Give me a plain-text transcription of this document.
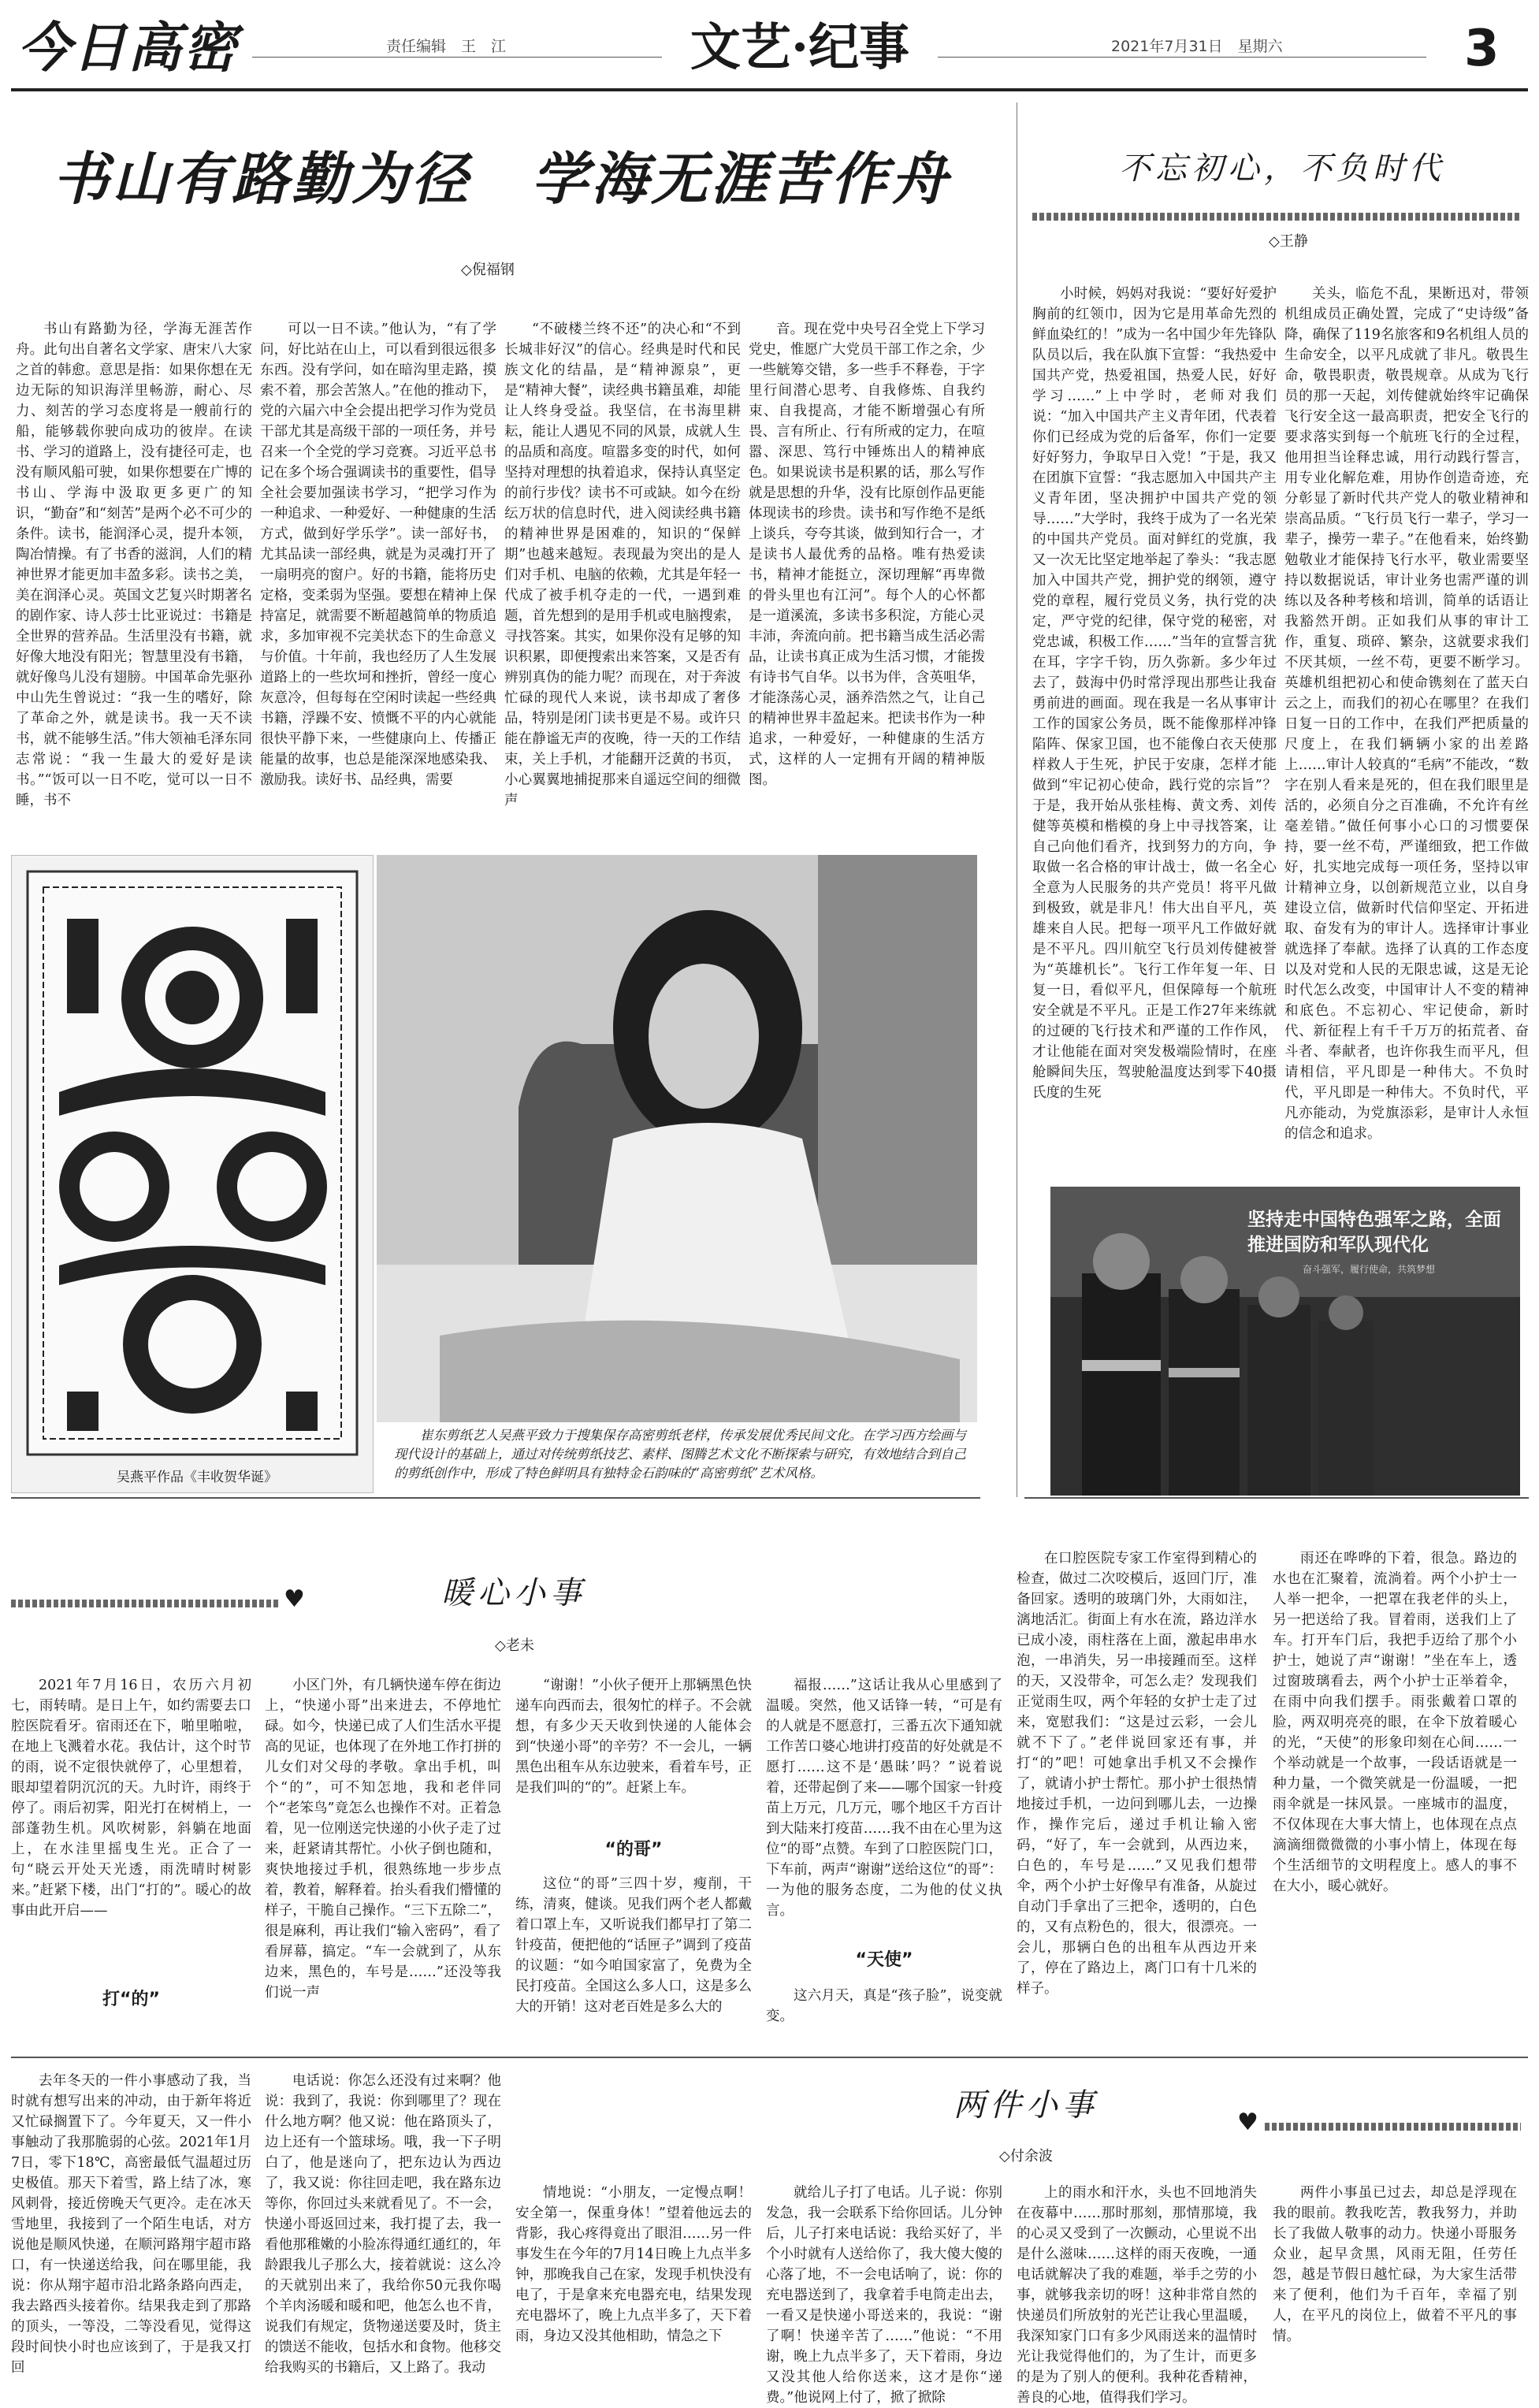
今日高密	责任编辑　王　江	文艺·纪事	2021年7月31日　星期六	3
书山有路勤为径　学海无涯苦作舟
◇倪福钢

书山有路勤为径，学海无涯苦作舟。此句出自著名文学家、唐宋八大家之首的韩愈。意思是指：如果你想在无边无际的知识海洋里畅游，耐心、尽力、刻苦的学习态度将是一艘前行的船，能够载你驶向成功的彼岸。在读书、学习的道路上，没有捷径可走，也没有顺风船可驶，如果你想要在广博的书山、学海中汲取更多更广的知识，“勤奋”和“刻苦”是两个必不可少的条件。读书，能润泽心灵，提升本领，陶冶情操。有了书香的滋润，人们的精神世界才能更加丰盈多彩。读书之美，美在润泽心灵。英国文艺复兴时期著名的剧作家、诗人莎士比亚说过：书籍是全世界的营养品。生活里没有书籍，就好像大地没有阳光；智慧里没有书籍，就好像鸟儿没有翅膀。中国革命先驱孙中山先生曾说过：“我一生的嗜好，除了革命之外，就是读书。我一天不读书，就不能够生活。”伟大领袖毛泽东同志常说：“我一生最大的爱好是读书。”“饭可以一日不吃，觉可以一日不睡，书不

可以一日不读。”他认为，“有了学问，好比站在山上，可以看到很远很多东西。没有学问，如在暗沟里走路，摸索不着，那会苦煞人。”在他的推动下，党的六届六中全会提出把学习作为党员干部尤其是高级干部的一项任务，并号召来一个全党的学习竞赛。习近平总书记在多个场合强调读书的重要性，倡导全社会要加强读书学习，“把学习作为一种追求、一种爱好、一种健康的生活方式，做到好学乐学”。读一部好书，尤其品读一部经典，就是为灵魂打开了一扇明亮的窗户。好的书籍，能将历史定格，变柔弱为坚强。要想在精神上保持富足，就需要不断超越简单的物质追求，多加审视不完美状态下的生命意义与价值。十年前，我也经历了人生发展道路上的一些坎坷和挫折，曾经一度心灰意冷，但每每在空闲时读起一些经典书籍，浮躁不安、愤慨不平的内心就能很快平静下来，一些健康向上、传播正能量的故事，也总是能深深地感染我、激励我。读好书、品经典，需要

“不破楼兰终不还”的决心和“不到长城非好汉”的信心。经典是时代和民族文化的结晶，是“精神源泉”，更是“精神大餐”，读经典书籍虽难，却能让人终身受益。我坚信，在书海里耕耘，能让人遇见不同的风景，成就人生的品质和高度。喧嚣多变的时代，如何坚持对理想的执着追求，保持认真坚定的前行步伐？读书不可或缺。如今在纷纭万状的信息时代，进入阅读经典书籍的精神世界是困难的，知识的“保鲜期”也越来越短。表现最为突出的是人们对手机、电脑的依赖，尤其是年轻一代成了被手机夺走的一代，一遇到难题，首先想到的是用手机或电脑搜索，寻找答案。其实，如果你没有足够的知识积累，即便搜索出来答案，又是否有辨别真伪的能力呢？而现在，对于奔波忙碌的现代人来说，读书却成了奢侈品，特别是闭门读书更是不易。或许只能在静谧无声的夜晚，待一天的工作结束，关上手机，才能翻开泛黄的书页，小心翼翼地捕捉那来自遥远空间的细微声

音。现在党中央号召全党上下学习党史，惟愿广大党员干部工作之余，少一些觥筹交错，多一些手不释卷，于字里行间潜心思考、自我修炼、自我约束、自我提高，才能不断增强心有所畏、言有所止、行有所戒的定力，在喧嚣、深思、笃行中锤炼出人的精神底色。如果说读书是积累的话，那么写作就是思想的升华，没有比原创作品更能体现读书的珍贵。读书和写作绝不是纸上谈兵，夸夸其谈，做到知行合一，才是读书人最优秀的品格。唯有热爱读书，精神才能挺立，深切理解“再卑微的骨头里也有江河”。每个人的心怀都是一道溪流，多读书多积淀，方能心灵丰沛，奔流向前。把书籍当成生活必需品，让读书真正成为生活习惯，才能拨有诗书气自华。以书为伴，含英咀华，才能涤荡心灵，涵养浩然之气，让自己的精神世界丰盈起来。把读书作为一种追求，一种爱好，一种健康的生活方式，这样的人一定拥有开阔的精神版图。

吴燕平作品《丰收贺华诞》
崔东剪纸艺人吴燕平致力于搜集保存高密剪纸老样，传承发展优秀民间文化。在学习西方绘画与现代设计的基础上，通过对传统剪纸技艺、素样、图腾艺术文化不断探索与研究，有效地结合到自己的剪纸创作中，形成了特色鲜明具有独特金石韵味的“高密剪纸”艺术风格。
不忘初心，不负时代
◇王静

小时候，妈妈对我说：“要好好爱护胸前的红领巾，因为它是用革命先烈的鲜血染红的！”成为一名中国少年先锋队队员以后，我在队旗下宣誓：“我热爱中国共产党，热爱祖国，热爱人民，好好学习……”上中学时，老师对我们说：“加入中国共产主义青年团，代表着你们已经成为党的后备军，你们一定要好好努力，争取早日入党！”于是，我又在团旗下宣誓：“我志愿加入中国共产主义青年团，坚决拥护中国共产党的领导……”大学时，我终于成为了一名光荣的中国共产党员。面对鲜红的党旗，我又一次无比坚定地举起了拳头：“我志愿加入中国共产党，拥护党的纲领，遵守党的章程，履行党员义务，执行党的决定，严守党的纪律，保守党的秘密，对党忠诚，积极工作……”当年的宣誓言犹在耳，字字千钧，历久弥新。多少年过去了，鼓海中仍时常浮现出那些让我奋勇前进的画面。现在我是一名从事审计工作的国家公务员，既不能像那样冲锋陷阵、保家卫国，也不能像白衣天使那样救人于生死，护民于安康，怎样才能做到“牢记初心使命，践行党的宗旨”？于是，我开始从张桂梅、黄文秀、刘传健等英模和楷模的身上中寻找答案，让自己向他们看齐，找到努力的方向，争取做一名合格的审计战士，做一名全心全意为人民服务的共产党员！将平凡做到极致，就是非凡！伟大出自平凡，英雄来自人民。把每一项平凡工作做好就是不平凡。四川航空飞行员刘传健被誉为“英雄机长”。飞行工作年复一年、日复一日，看似平凡，但保障每一个航班安全就是不平凡。正是工作27年来练就的过硬的飞行技术和严谨的工作作风，才让他能在面对突发极端险情时，在座舱瞬间失压，驾驶舱温度达到零下40摄氏度的生死

关头，临危不乱，果断迅对，带领机组成员正确处置，完成了“史诗级”备降，确保了119名旅客和9名机组人员的生命安全，以平凡成就了非凡。敬畏生命，敬畏职责，敬畏规章。从成为飞行员的那一天起，刘传健就始终牢记确保飞行安全这一最高职责，把安全飞行的要求落实到每一个航班飞行的全过程，他用担当诠释忠诚，用行动践行誓言，用专业化解危难，用协作创造奇迹，充分彰显了新时代共产党人的敬业精神和崇高品质。“飞行员飞行一辈子，学习一辈子，操劳一辈子。”在他看来，始终勤勉敬业才能保持飞行水平，敬业需要坚持以数据说话，审计业务也需严谨的训练以及各种考核和培训，简单的话语让我豁然开朗。正如我们从事的审计工作，重复、琐碎、繁杂，这就要求我们不厌其烦，一丝不苟，更要不断学习。英雄机组把初心和使命镌刻在了蓝天白云之上，而我们的初心在哪里？在我们日复一日的工作中，在我们严把质量的尺度上，在我们辆辆小家的出差路上……审计人较真的“毛病”不能改，“数字在别人看来是死的，但在我们眼里是活的，必须自分之百准确，不允许有丝毫差错。”做任何事小心口的习惯要保持，要一丝不苟，严谨细致，把工作做好，扎实地完成每一项任务，坚持以审计精神立身，以创新规范立业，以自身建设立信，做新时代信仰坚定、开拓进取、奋发有为的审计人。选择审计事业就选择了奉献。选择了认真的工作态度以及对党和人民的无限忠诚，这是无论时代怎么改变，中国审计人不变的精神和底色。不忘初心、牢记使命，新时代、新征程上有千千万万的拓荒者、奋斗者、奉献者，也许你我生而平凡，但请相信，平凡即是一种伟大。不负时代，平凡即是一种伟大。不负时代，平凡亦能动，为党旗添彩，是审计人永恒的信念和追求。

坚持走中国特色强军之路，全面推进国防和军队现代化
奋斗强军，履行使命，共筑梦想
♥	暖心小事
◇老未

2021年7月16日，农历六月初七，雨转晴。是日上午，如约需要去口腔医院看牙。宿雨还在下，啪里啪啦，在地上飞溅着水花。我估计，这个时节的雨，说不定很快就停了，心里想着，眼却望着阴沉沉的天。九时许，雨终于停了。雨后初霁，阳光打在树梢上，一部蓬勃生机。风吹树影，斜躺在地面上，在水洼里摇曳生光。正合了一句“晓云开处天光透，雨洗晴时树影来。”赶紧下楼，出门“打的”。暖心的故事由此开启——

打“的”

小区门外，有几辆快递车停在街边上，“快递小哥”出来进去，不停地忙碌。如今，快递已成了人们生活水平提高的见证，也体现了在外地工作打拼的儿女们对父母的孝敬。拿出手机，叫个“的”，可不知怎地，我和老伴同个“老笨鸟”竟怎么也操作不对。正着急着，见一位刚送完快递的小伙子走了过来，赶紧请其帮忙。小伙子倒也随和，爽快地接过手机，很熟练地一步步点着，教着，解释着。抬头看我们懵懂的样子，干脆自己操作。“三下五除二”，很是麻利，再让我们“输入密码”，看了看屏幕，搞定。“车一会就到了，从东边来，黑色的，车号是……”还没等我们说一声

“谢谢！”小伙子便开上那辆黑色快递车向西而去，很匆忙的样子。不会就想，有多少天天收到快递的人能体会到“快递小哥”的辛劳？不一会儿，一辆黑色出租车从东边驶来，看着车号，正是我们叫的“的”。赶紧上车。

“的哥”

这位“的哥”三四十岁，瘦削，干练，清爽，健谈。见我们两个老人都戴着口罩上车，又听说我们都早打了第二针疫苗，便把他的“话匣子”调到了疫苗的议题：“如今咱国家富了，免费为全民打疫苗。全国这么多人口，这是多么大的开销！这对老百姓是多么大的

福报……”这话让我从心里感到了温暖。突然，他又话锋一转，“可是有的人就是不愿意打，三番五次下通知就工作苦口婆心地讲打疫苗的好处就是不愿打……这不是‘愚昧’吗？”说着说着，还带起倒了来——哪个国家一针疫苗上万元，几万元，哪个地区千方百计到大陆来打疫苗……我不由在心里为这位“的哥”点赞。车到了口腔医院门口，下车前，两声“谢谢”送给这位“的哥”：一为他的服务态度，二为他的仗义执言。

“天使”

这六月天，真是“孩子脸”，说变就变。

在口腔医院专家工作室得到精心的检查，做过二次咬模后，返回门厅，准备回家。透明的玻璃门外，大雨如注，漓地活汇。街面上有水在流，路边洋水已成小凌，雨柱落在上面，激起串串水泡，一串消失，另一串接踵而至。这样的天，又没带伞，可怎么走？发现我们正觉雨生叹，两个年轻的女护士走了过来，宽慰我们：“这是过云彩，一会儿就不下了。”老伴说回家还有事，并打“的”吧！可她拿出手机又不会操作了，就请小护士帮忙。那小护士很热情地接过手机，一边问到哪儿去，一边操作，操作完后，递过手机让输入密码，“好了，车一会就到，从西边来，白色的，车号是……”又见我们想带伞，两个小护士好像早有准备，从旋过自动门手拿出了三把伞，透明的，白色的，又有点粉色的，很大，很漂亮。一会儿，那辆白色的出租车从西边开来了，停在了路边上，离门口有十几米的样子。

雨还在哗哗的下着，很急。路边的水也在汇聚着，流淌着。两个小护士一人举一把伞，一把罩在我老伴的头上，另一把送给了我。冒着雨，送我们上了车。打开车门后，我把手迈给了那个小护士，她说了声“谢谢！”坐在车上，透过窗玻璃看去，两个小护士正举着伞，在雨中向我们摆手。雨张戴着口罩的脸，两双明亮亮的眼，在伞下放着暖心的光，“天使”的形象印刻在心间……一个举动就是一个故事，一段话语就是一种力量，一个微笑就是一份温暖，一把雨伞就是一抹风景。一座城市的温度，不仅体现在大事大情上，也体现在点点滴滴细微微微的小事小情上，体现在每个生活细节的文明程度上。感人的事不在大小，暖心就好。

两件小事	♥
◇付余波

去年冬天的一件小事感动了我，当时就有想写出来的冲动，由于新年将近又忙碌搁置下了。今年夏天，又一件小事触动了我那脆弱的心弦。2021年1月7日，零下18℃，高密最低气温超过历史极值。那天下着雪，路上结了冰，寒风刺骨，接近傍晚天气更冷。走在冰天雪地里，我接到了一个陌生电话，对方说他是顺风快递，在顺河路翔宇超市路口，有一快递送给我，问在哪里能，我说：你从翔宇超市沿北路条路向西走，我去路西头接着你。结果我走到了那路的顶头，一等没，二等没看见，觉得这段时间快小时也应该到了，于是我又打回

电话说：你怎么还没有过来啊？他说：我到了，我说：你到哪里了？现在什么地方啊？他又说：他在路顶头了，边上还有一个篮球场。哦，我一下子明白了，他是迷向了，把东边认为西边了，我又说：你往回走吧，我在路东边等你，你回过头来就看见了。不一会，快递小哥返回过来，我打提了去，我一看他那稚嫩的小脸冻得通红通红的，年龄跟我儿子那么大，接着就说：这么冷的天就别出来了，我给你50元我你喝个羊肉汤暖和暖和吧，他怎么也不肯，说我们有规定，货物递送要及时，货主的馈送不能收，包括水和食物。他移交给我购买的书籍后，又上路了。我动

情地说：“小朋友，一定慢点啊！安全第一，保重身体！”望着他远去的背影，我心疼得竟出了眼泪……另一件事发生在今年的7月14日晚上九点半多钟，那晚我自己在家，发现手机快没有电了，于是拿来充电器充电，结果发现充电器坏了，晚上九点半多了，天下着雨，身边又没其他相助，情急之下

就给儿子打了电话。儿子说：你别发急，我一会联系下给你回话。儿分钟后，儿子打来电话说：我给买好了，半个小时就有人送给你了，我大傻大傻的心落了地，不一会电话响了，说：你的充电器送到了，我拿着手电筒走出去，一看又是快递小哥送来的，我说：“谢了啊！快递辛苦了……”他说：“不用谢，晚上九点半多了，天下着雨，身边又没其他人给你送来，这才是你“递费。”他说网上付了，掀了掀除

上的雨水和汗水，头也不回地消失在夜幕中……那时那刻，那情那境，我的心灵又受到了一次颤动，心里说不出是什么滋味……这样的雨天夜晚，一通电话就解决了我的难题，举手之劳的小事，就够我亲切的呀！这种非常自然的快递员们所放射的光芒让我心里温暖，我深知家门口有多少风雨送来的温情时光让我觉得他们的，为了生计，而更多的是为了别人的便利。我种花香精神，善良的心地，值得我们学习。

两件小事虽已过去，却总是浮现在我的眼前。教我吃苦，教我努力，并助长了我做人敬事的动力。快递小哥服务众业，起早贪黑，风雨无阻，任劳任怨，越是节假日越忙碌，为大家生活带来了便利，他们为千百年，幸福了别人，在平凡的岗位上，做着不平凡的事情。
